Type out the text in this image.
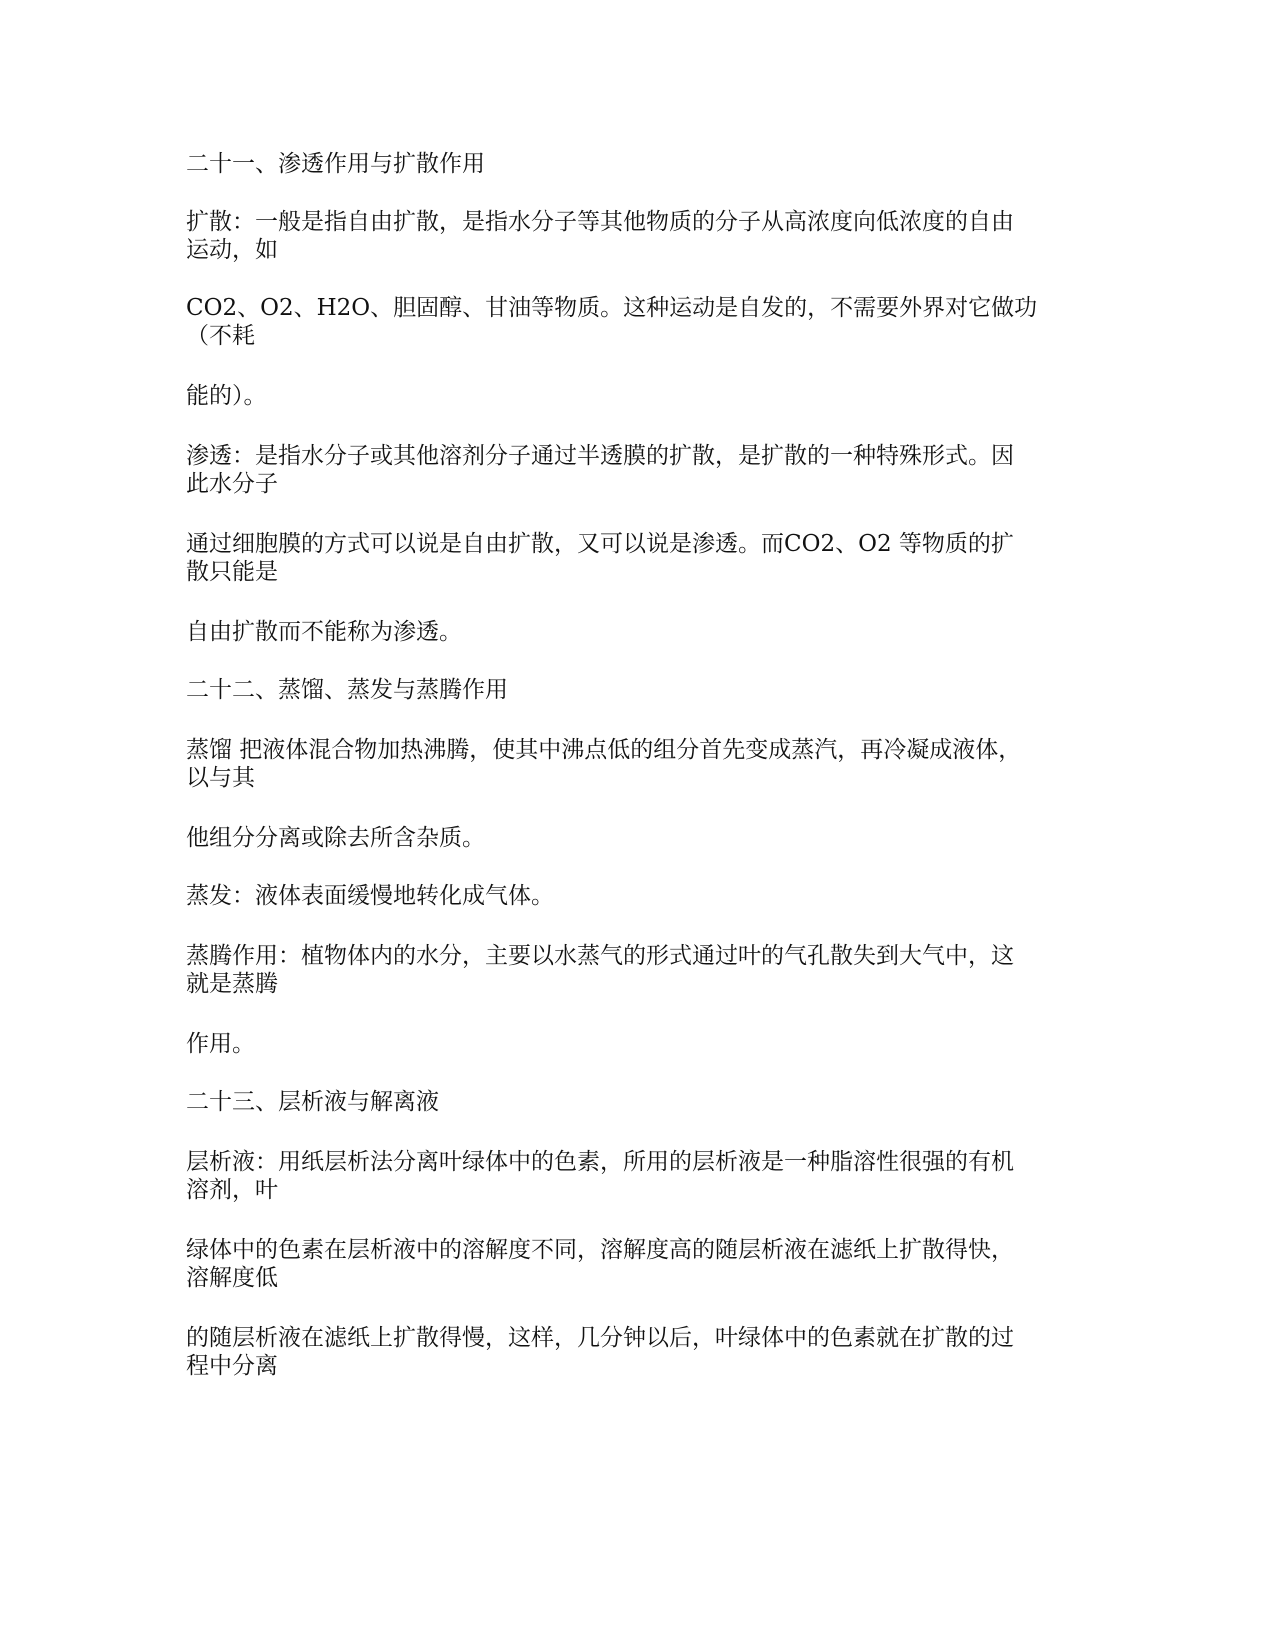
二十一、渗透作用与扩散作用

扩散：一般是指自由扩散，是指水分子等其他物质的分子从高浓度向低浓度的自由

运动，如

CO2、O2、H2O、胆固醇、甘油等物质。这种运动是自发的，不需要外界对它做功

（不耗

能的）。

渗透：是指水分子或其他溶剂分子通过半透膜的扩散，是扩散的一种特殊形式。因

此水分子

通过细胞膜的方式可以说是自由扩散，又可以说是渗透。而CO2、O2 等物质的扩

散只能是

自由扩散而不能称为渗透。

二十二、蒸馏、蒸发与蒸腾作用

蒸馏 把液体混合物加热沸腾，使其中沸点低的组分首先变成蒸汽，再冷凝成液体，

以与其

他组分分离或除去所含杂质。

蒸发：液体表面缓慢地转化成气体。

蒸腾作用：植物体内的水分，主要以水蒸气的形式通过叶的气孔散失到大气中，这

就是蒸腾

作用。

二十三、层析液与解离液

层析液：用纸层析法分离叶绿体中的色素，所用的层析液是一种脂溶性很强的有机

溶剂，叶

绿体中的色素在层析液中的溶解度不同，溶解度高的随层析液在滤纸上扩散得快，

溶解度低

的随层析液在滤纸上扩散得慢，这样，几分钟以后，叶绿体中的色素就在扩散的过

程中分离
